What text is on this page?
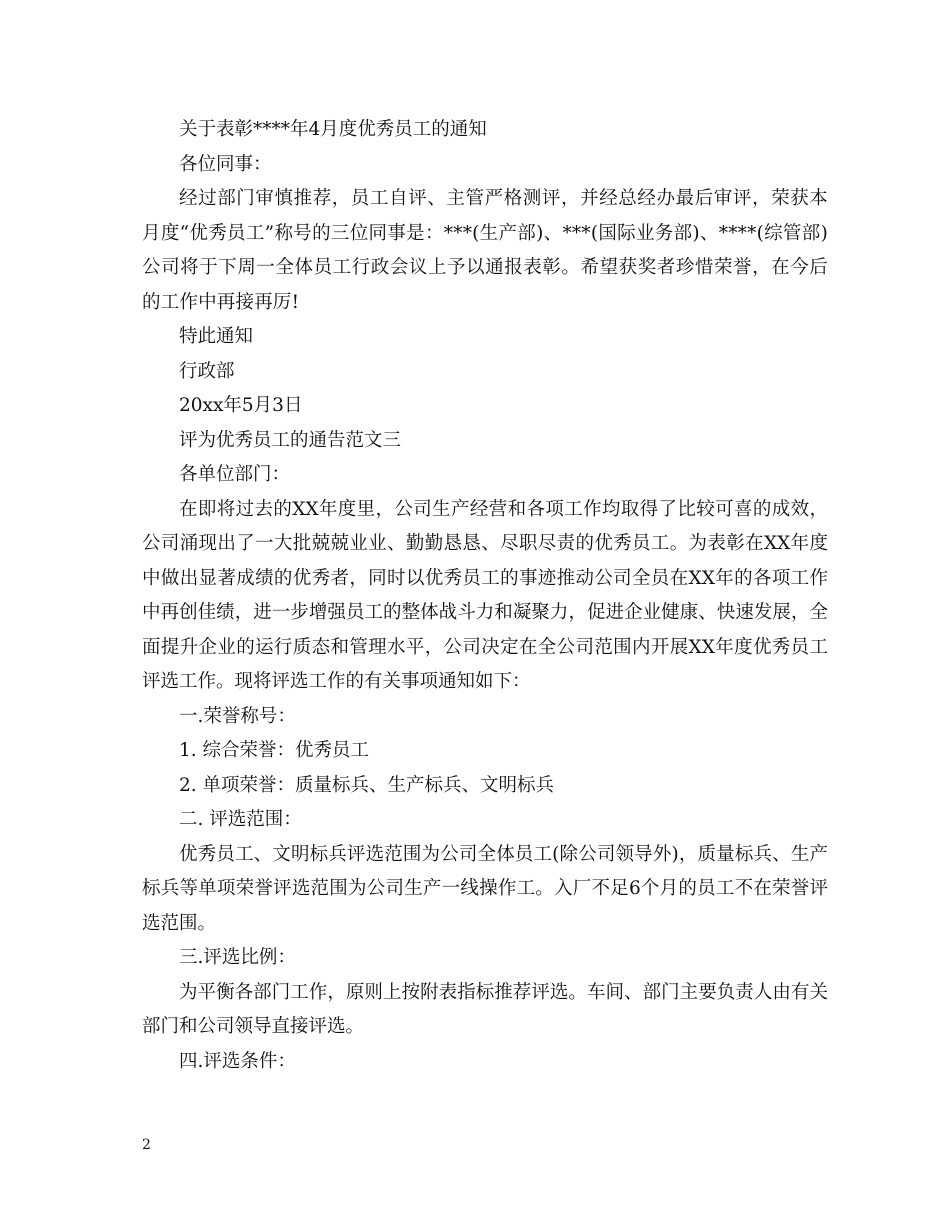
关于表彰****年4月度优秀员工的通知

各位同事：

经过部门审慎推荐，员工自评、主管严格测评，并经总经办最后审评，荣获本月度“优秀员工”称号的三位同事是：***(生产部)、***(国际业务部)、****(综管部)公司将于下周一全体员工行政会议上予以通报表彰。希望获奖者珍惜荣誉，在今后的工作中再接再厉!

特此通知

行政部

20xx年5月3日

评为优秀员工的通告范文三

各单位部门：

在即将过去的XX年度里，公司生产经营和各项工作均取得了比较可喜的成效，公司涌现出了一大批兢兢业业、勤勤恳恳、尽职尽责的优秀员工。为表彰在XX年度中做出显著成绩的优秀者，同时以优秀员工的事迹推动公司全员在XX年的各项工作中再创佳绩，进一步增强员工的整体战斗力和凝聚力，促进企业健康、快速发展，全面提升企业的运行质态和管理水平，公司决定在全公司范围内开展XX年度优秀员工评选工作。现将评选工作的有关事项通知如下：

一.荣誉称号：

1. 综合荣誉：优秀员工

2. 单项荣誉：质量标兵、生产标兵、文明标兵

二. 评选范围：

优秀员工、文明标兵评选范围为公司全体员工(除公司领导外)，质量标兵、生产标兵等单项荣誉评选范围为公司生产一线操作工。入厂不足6个月的员工不在荣誉评选范围。

三.评选比例：

为平衡各部门工作，原则上按附表指标推荐评选。车间、部门主要负责人由有关部门和公司领导直接评选。

四.评选条件：

2
